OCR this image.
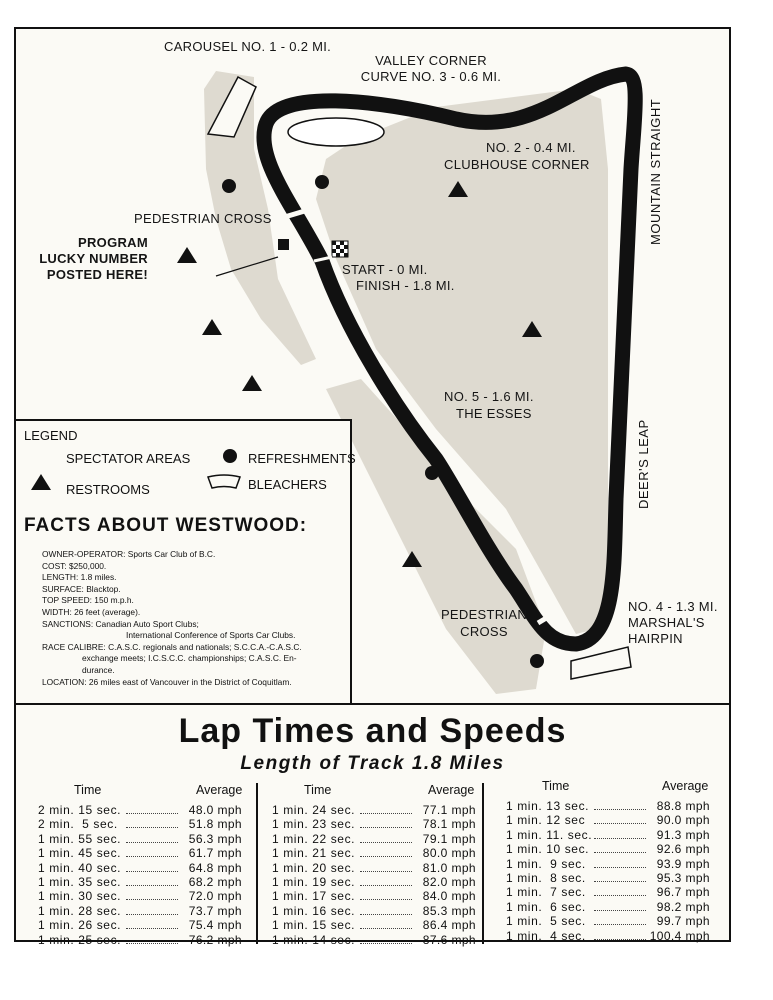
CAROUSEL NO. 1 - 0.2 MI.
VALLEY CORNER
CURVE NO. 3 - 0.6 MI.
NO. 2 - 0.4 MI.
CLUBHOUSE CORNER	MOUNTAIN STRAIGHT
PEDESTRIAN CROSS
PROGRAM
LUCKY NUMBER
POSTED HERE!	START - 0 MI.
FINISH - 1.8 MI.
NO. 5 - 1.6 MI.
THE ESSES
DEER'S LEAP
PEDESTRIAN
CROSS
NO. 4 - 1.3 MI.
MARSHAL'S
HAIRPIN
LEGEND
SPECTATOR AREAS	REFRESHMENTS
RESTROOMS	BLEACHERS
FACTS ABOUT WESTWOOD:
OWNER-OPERATOR: Sports Car Club of B.C.
COST: $250,000.
LENGTH: 1.8 miles.
SURFACE: Blacktop.
TOP SPEED: 150 m.p.h.
WIDTH: 26 feet (average).
SANCTIONS: Canadian Auto Sport Clubs;
International Conference of Sports Car Clubs.
RACE CALIBRE: C.A.S.C. regionals and nationals; S.C.C.A.-C.A.S.C.
exchange meets; I.C.S.C.C. championships; C.A.S.C. En-
durance.
LOCATION: 26 miles east of Vancouver in the District of Coquitlam.
Lap Times and Speeds
Length of Track 1.8 Miles
Time	Average
2 min. 15 sec.	48.0 mph
2 min.  5 sec.	51.8 mph
1 min. 55 sec.	56.3 mph
1 min. 45 sec.	61.7 mph
1 min. 40 sec.	64.8 mph
1 min. 35 sec.	68.2 mph
1 min. 30 sec.	72.0 mph
1 min. 28 sec.	73.7 mph
1 min. 26 sec.	75.4 mph
1 min. 25 sec.	76.2 mph
Time	Average
1 min. 24 sec.	77.1 mph
1 min. 23 sec.	78.1 mph
1 min. 22 sec.	79.1 mph
1 min. 21 sec.	80.0 mph
1 min. 20 sec.	81.0 mph
1 min. 19 sec.	82.0 mph
1 min. 17 sec.	84.0 mph
1 min. 16 sec.	85.3 mph
1 min. 15 sec.	86.4 mph
1 min. 14 sec.	87.6 mph
Time	Average
1 min. 13 sec.	88.8 mph
1 min. 12 sec	90.0 mph
1 min. 11. sec.	91.3 mph
1 min. 10 sec.	92.6 mph
1 min.  9 sec.	93.9 mph
1 min.  8 sec.	95.3 mph
1 min.  7 sec.	96.7 mph
1 min.  6 sec.	98.2 mph
1 min.  5 sec.	99.7 mph
1 min.  4 sec.	100.4 mph
